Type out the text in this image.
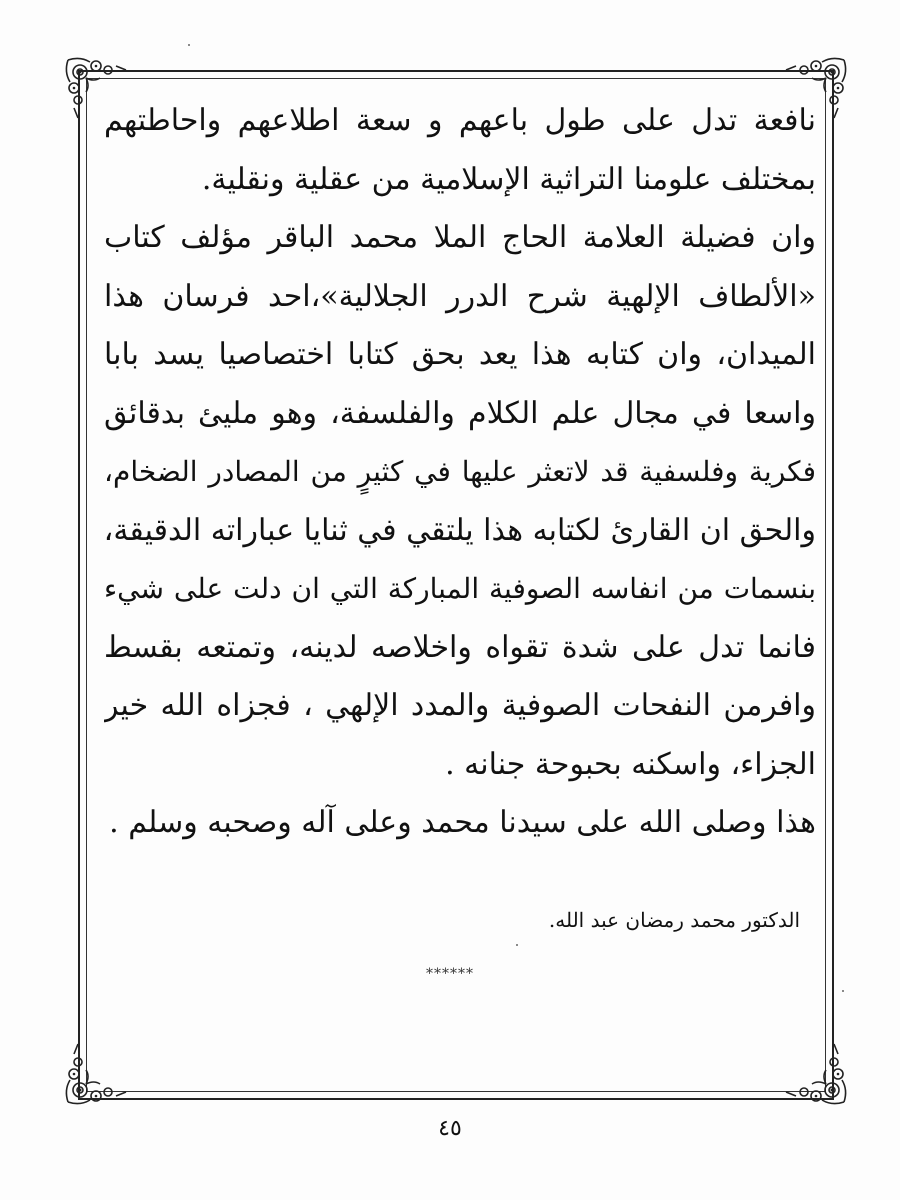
نافعة تدل على طول باعهم و سعة اطلاعهم واحاطتهم
بمختلف علومنا التراثية الإسلامية من عقلية ونقلية.
وان فضيلة العلامة الحاج الملا محمد الباقر مؤلف كتاب
«الألطاف الإلهية شرح الدرر الجلالية»،احد فرسان هذا
الميدان، وان كتابه هذا يعد بحق كتابا اختصاصيا يسد بابا
واسعا في مجال علم الكلام والفلسفة، وهو مليئ بدقائق
فكرية وفلسفية قد لاتعثر عليها في كثيرٍ من المصادر الضخام،
والحق ان القارئ لكتابه هذا يلتقي في ثنايا عباراته الدقيقة،
بنسمات من انفاسه الصوفية المباركة التي ان دلت على شيء
فانما تدل على شدة تقواه واخلاصه لدينه، وتمتعه بقسط
وافرمن النفحات الصوفية والمدد الإلهي ، فجزاه الله خير
الجزاء، واسكنه بحبوحة جنانه .
هذا وصلى الله على سيدنا محمد وعلى آله وصحبه وسلم .
الدكتور محمد رمضان عبد الله.
******
٤٥
